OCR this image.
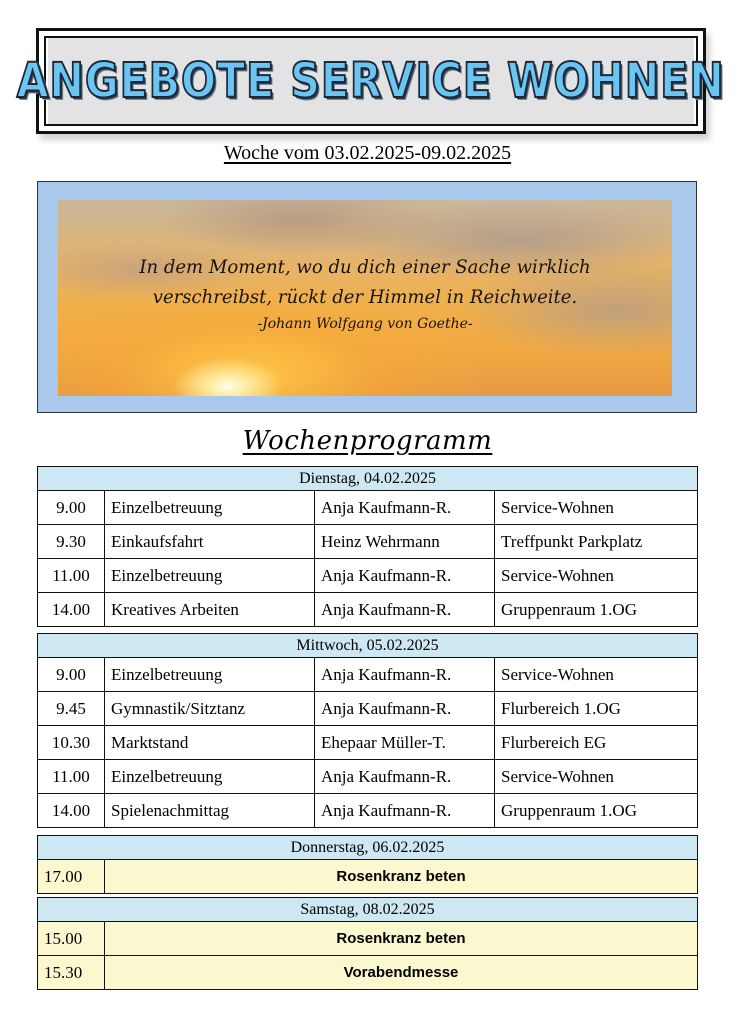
ANGEBOTE SERVICE WOHNEN
Woche vom 03.02.2025-09.02.2025
In dem Moment, wo du dich einer Sache wirklich
verschreibst, rückt der Himmel in Reichweite.
-Johann Wolfgang von Goethe-
Wochenprogramm
Dienstag, 04.02.2025			
9.00	Einzelbetreuung	Anja Kaufmann-R.	Service-Wohnen
9.30	Einkaufsfahrt	Heinz Wehrmann	Treffpunkt Parkplatz
11.00	Einzelbetreuung	Anja Kaufmann-R.	Service-Wohnen
14.00	Kreatives Arbeiten	Anja Kaufmann-R.	Gruppenraum 1.OG
Mittwoch, 05.02.2025			
9.00	Einzelbetreuung	Anja Kaufmann-R.	Service-Wohnen
9.45	Gymnastik/Sitztanz	Anja Kaufmann-R.	Flurbereich 1.OG
10.30	Marktstand	Ehepaar Müller-T.	Flurbereich EG
11.00	Einzelbetreuung	Anja Kaufmann-R.	Service-Wohnen
14.00	Spielenachmittag	Anja Kaufmann-R.	Gruppenraum 1.OG
Donnerstag, 06.02.2025
17.00	Rosenkranz beten
Samstag, 08.02.2025	
15.00	Rosenkranz beten
15.30	Vorabendmesse
